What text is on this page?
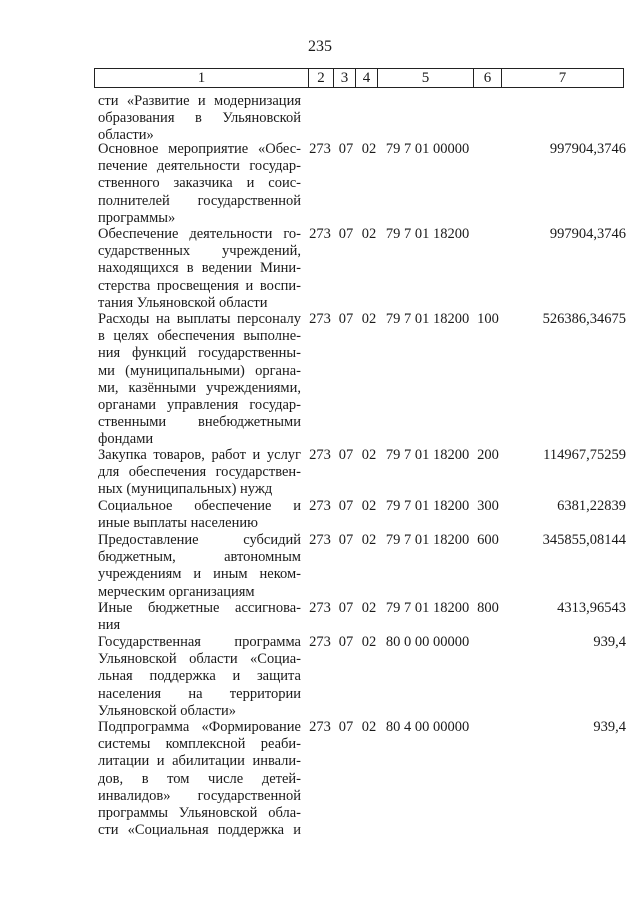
235
1	2	3	4	5	6	7
сти «Развитие и модернизация
образования в Ульяновской
области»
Основное мероприятие «Обес-
печение деятельности государ-
ственного заказчика и соис-
полнителей государственной
программы»
273 07 02 79 7 01 00000	997904,3746
Обеспечение деятельности го-
сударственных учреждений,
находящихся в ведении Мини-
стерства просвещения и воспи-
тания Ульяновской области
273 07 02 79 7 01 18200	997904,3746
Расходы на выплаты персоналу
в целях обеспечения выполне-
ния функций государственны-
ми (муниципальными) органа-
ми, казёнными учреждениями,
органами управления государ-
ственными внебюджетными
фондами
273 07 02 79 7 01 18200 100	526386,34675
Закупка товаров, работ и услуг
для обеспечения государствен-
ных (муниципальных) нужд
273 07 02 79 7 01 18200 200	114967,75259
Социальное обеспечение и
иные выплаты населению
273 07 02 79 7 01 18200 300	6381,22839
Предоставление субсидий
бюджетным, автономным
учреждениям и иным неком-
мерческим организациям
273 07 02 79 7 01 18200 600	345855,08144
Иные бюджетные ассигнова-
ния
273 07 02 79 7 01 18200 800	4313,96543
Государственная программа
Ульяновской области «Социа-
льная поддержка и защита
населения на территории
Ульяновской области»
273 07 02 80 0 00 00000	939,4
Подпрограмма «Формирование
системы комплексной реаби-
литации и абилитации инвали-
дов, в том числе детей-
инвалидов» государственной
программы Ульяновской обла-
сти «Социальная поддержка и
273 07 02 80 4 00 00000	939,4
